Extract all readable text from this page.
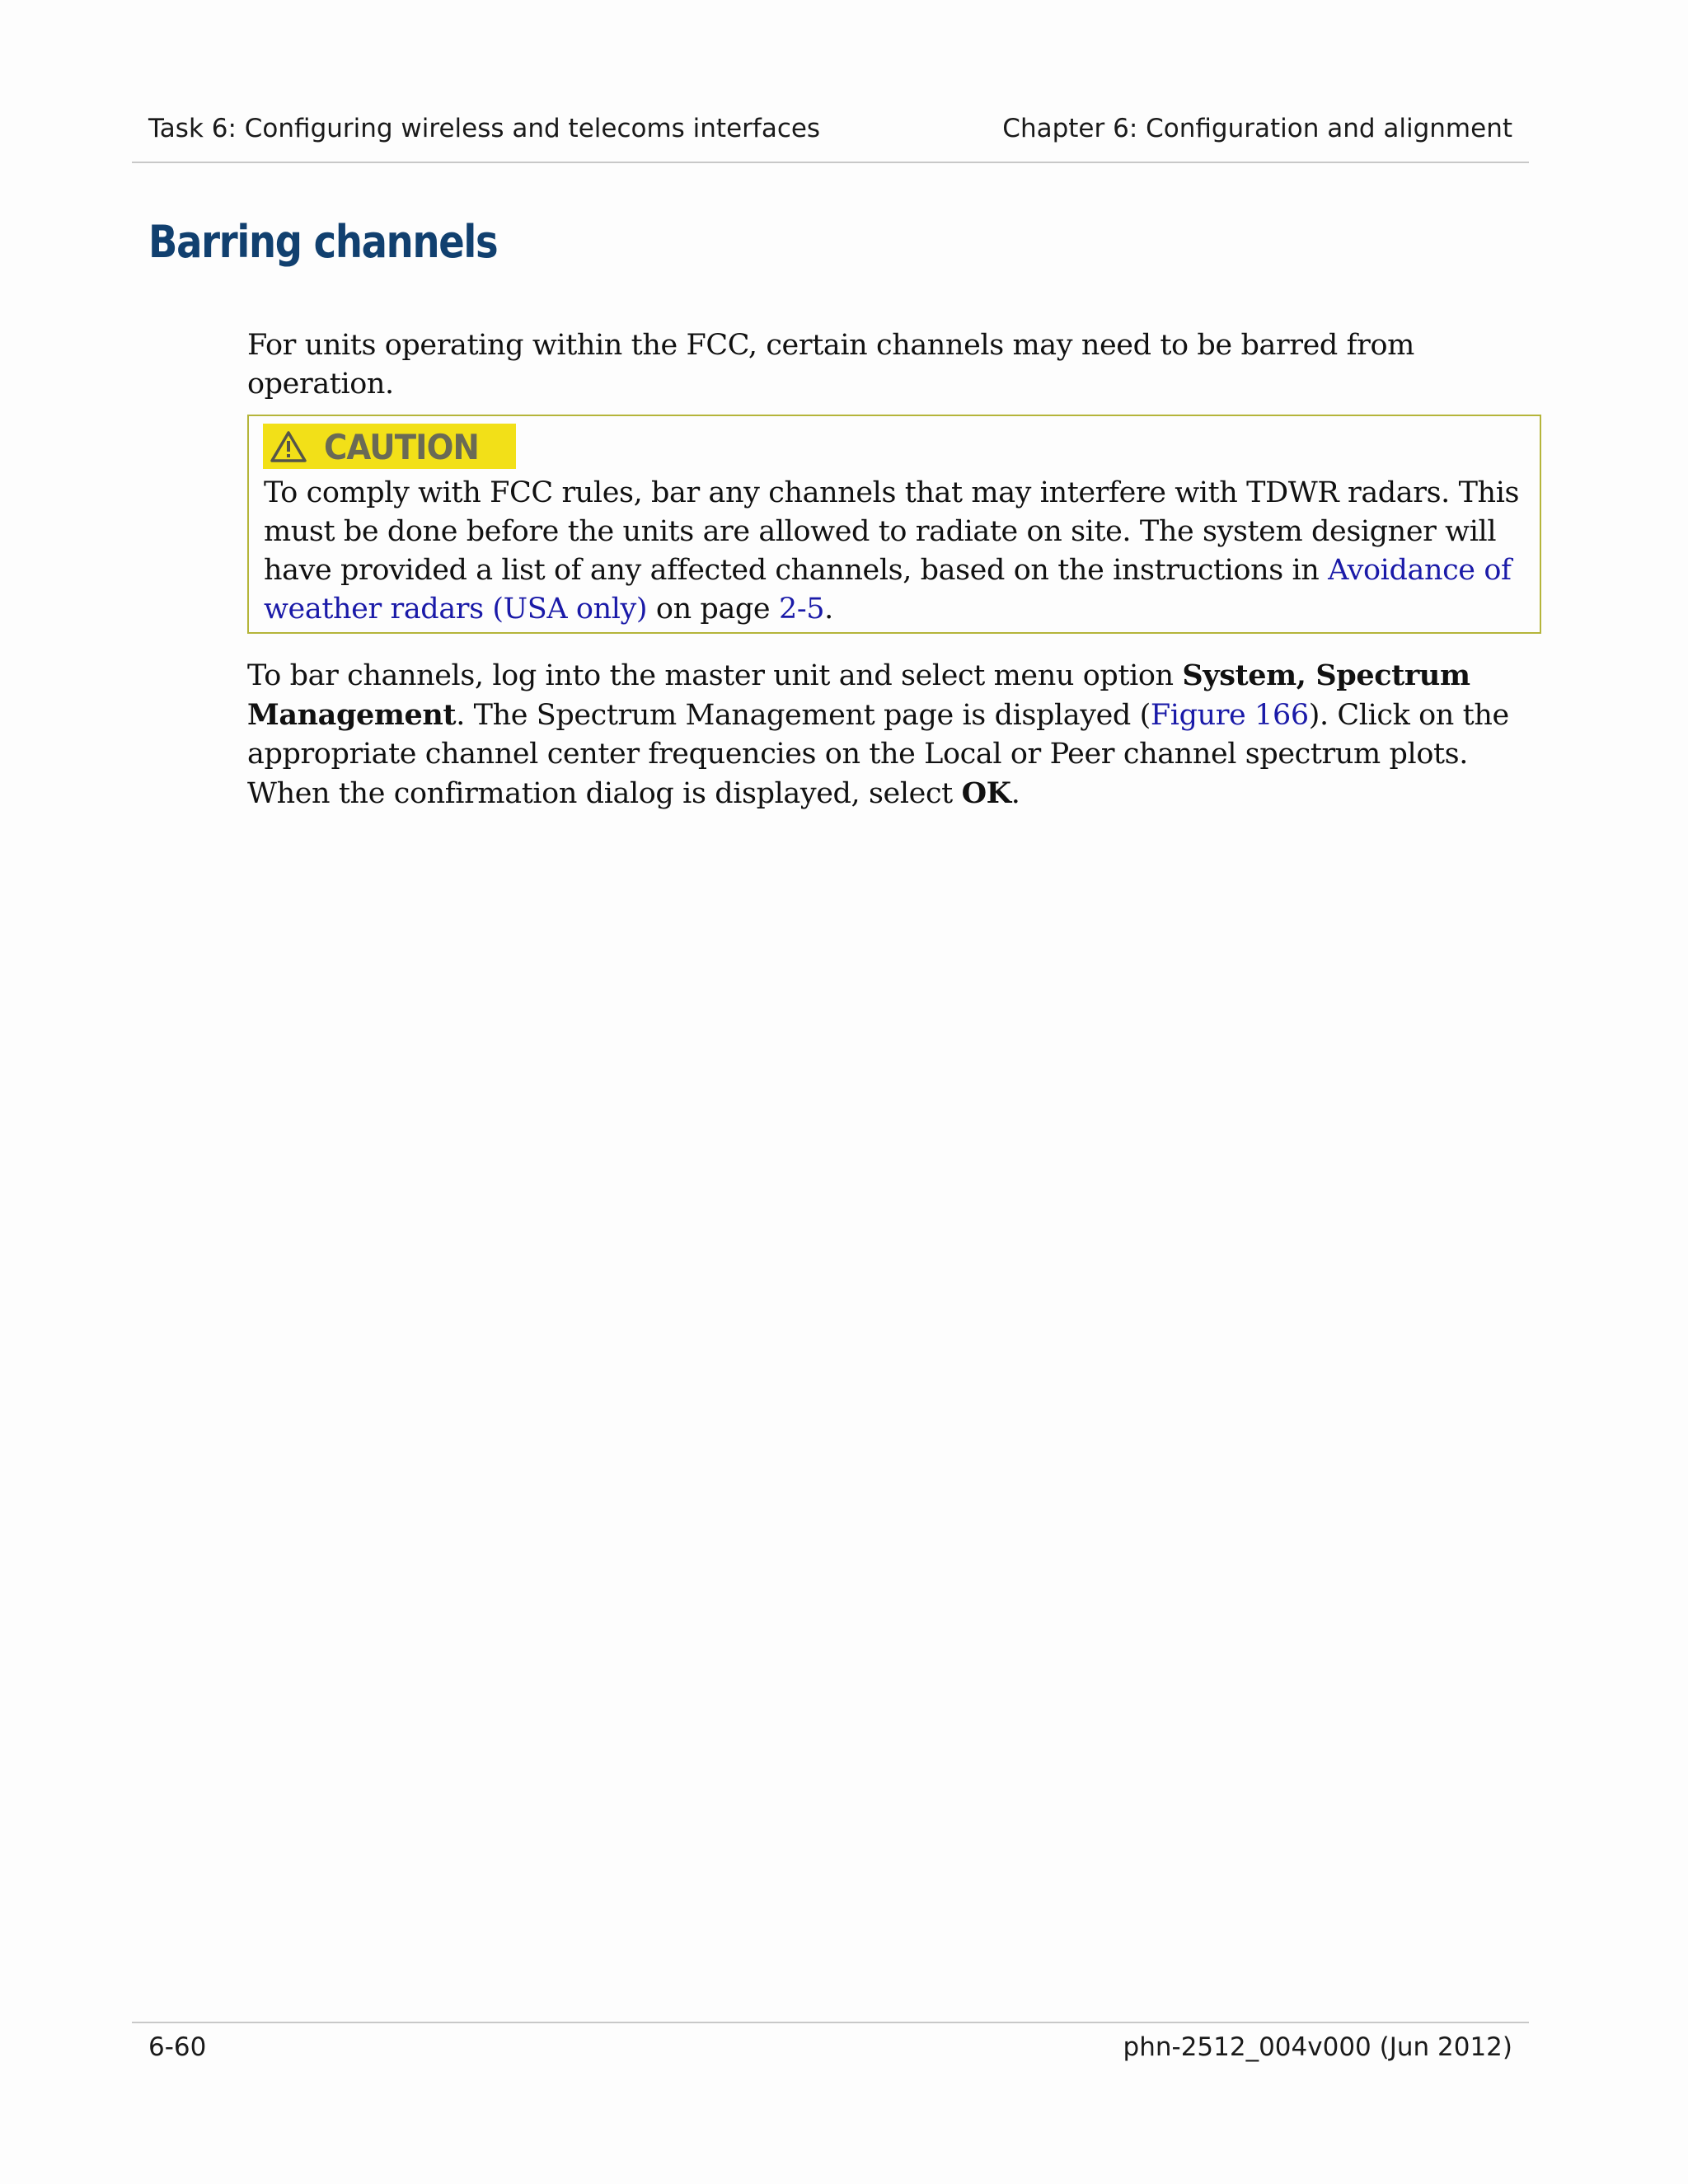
Task 6: Configuring wireless and telecoms interfaces	Chapter 6: Configuration and alignment
Barring channels

For units operating within the FCC, certain channels may need to be barred from operation.

CAUTION

To comply with FCC rules, bar any channels that may interfere with TDWR radars. This must be done before the units are allowed to radiate on site. The system designer will have provided a list of any affected channels, based on the instructions in Avoidance of weather radars (USA only) on page 2-5.

To bar channels, log into the master unit and select menu option System, Spectrum Management. The Spectrum Management page is displayed (Figure 166). Click on the appropriate channel center frequencies on the Local or Peer channel spectrum plots. When the confirmation dialog is displayed, select OK.

6-60	phn-2512_004v000 (Jun 2012)
